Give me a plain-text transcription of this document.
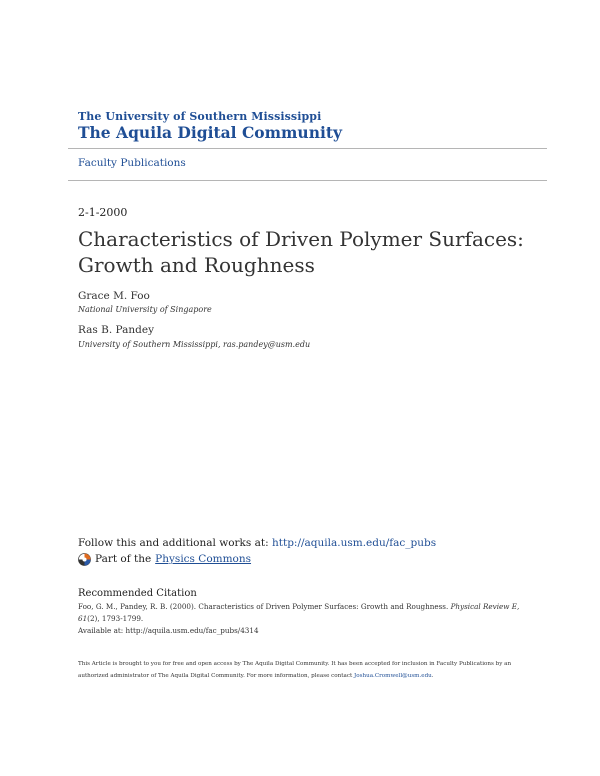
The University of Southern Mississippi
The Aquila Digital Community
Faculty Publications
2-1-2000
Characteristics of Driven Polymer Surfaces:
Growth and Roughness
Grace M. Foo
National University of Singapore
Ras B. Pandey
University of Southern Mississippi, ras.pandey@usm.edu
Follow this and additional works at: http://aquila.usm.edu/fac_pubs
Part of the Physics Commons
Recommended Citation
Foo, G. M., Pandey, R. B. (2000). Characteristics of Driven Polymer Surfaces: Growth and Roughness. Physical Review E, 61(2), 1793-1799.
Available at: http://aquila.usm.edu/fac_pubs/4314
This Article is brought to you for free and open access by The Aquila Digital Community. It has been accepted for inclusion in Faculty Publications by an authorized administrator of The Aquila Digital Community. For more information, please contact Joshua.Cromwell@usm.edu.
